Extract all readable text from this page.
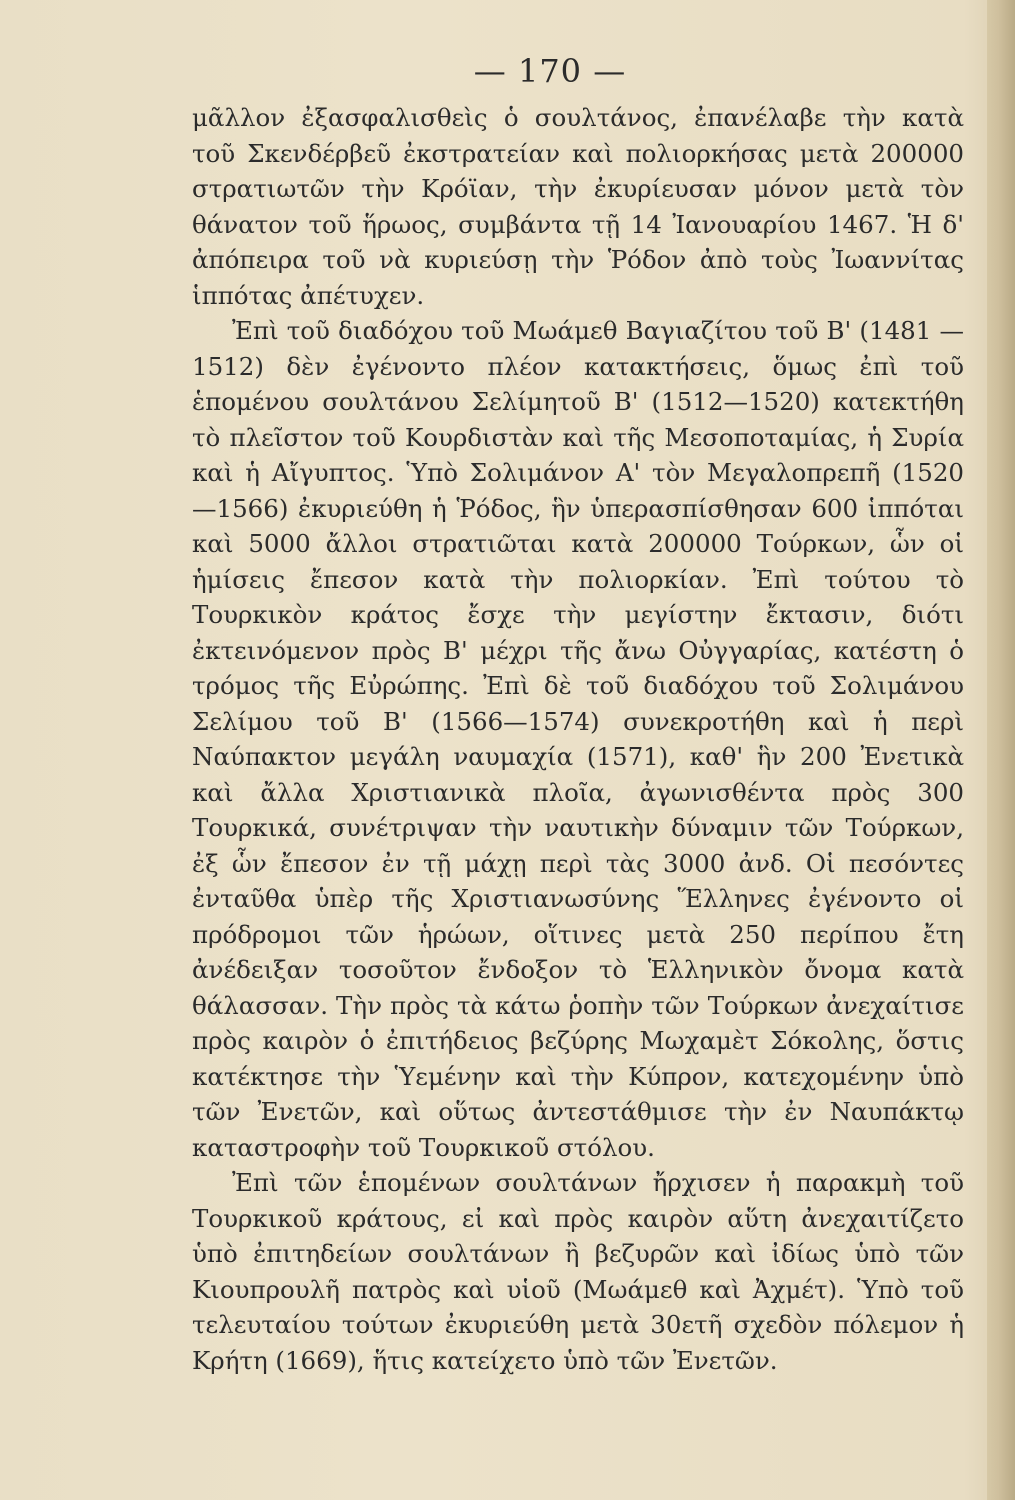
— 170 —

μᾶλλον ἐξασφαλισθεὶς ὁ σουλτάνος, ἐπανέλαβε τὴν κατὰ τοῦ Σκενδέρβεῦ ἐκστρατείαν καὶ πολιορκήσας μετὰ 200000 στρατιωτῶν τὴν Κρόϊαν, τὴν ἐκυρίευσαν μόνον μετὰ τὸν θάνατον τοῦ ἥρωος, συμβάντα τῇ 14 Ἰανουαρίου 1467. Ἡ δ' ἀπόπειρα τοῦ νὰ κυριεύσῃ τὴν Ῥόδον ἀπὸ τοὺς Ἰωαννίτας ἱππότας ἀπέτυχεν.

Ἐπὶ τοῦ διαδόχου τοῦ Μωάμεθ Βαγιαζίτου τοῦ Β' (1481 —1512) δὲν ἐγένοντο πλέον κατακτήσεις, ὅμως ἐπὶ τοῦ ἑπομένου σουλτάνου Σελίμητοῦ Β' (1512—1520) κατεκτήθη τὸ πλεῖστον τοῦ Κουρδιστὰν καὶ τῆς Μεσοποταμίας, ἡ Συρία καὶ ἡ Αἴγυπτος. Ὑπὸ Σολιμάνον Α' τὸν Μεγαλοπρεπῆ (1520 —1566) ἐκυριεύθη ἡ Ῥόδος, ἣν ὑπερασπίσθησαν 600 ἱππόται καὶ 5000 ἄλλοι στρατιῶται κατὰ 200000 Τούρκων, ὧν οἱ ἡμίσεις ἔπεσον κατὰ τὴν πολιορκίαν. Ἐπὶ τούτου τὸ Τουρκικὸν κράτος ἔσχε τὴν μεγίστην ἔκτασιν, διότι ἐκτεινόμενον πρὸς Β' μέχρι τῆς ἄνω Οὐγγαρίας, κατέστη ὁ τρόμος τῆς Εὐρώπης. Ἐπὶ δὲ τοῦ διαδόχου τοῦ Σολιμάνου Σελίμου τοῦ Β' (1566—1574) συνεκροτήθη καὶ ἡ περὶ Ναύπακτον μεγάλη ναυμαχία (1571), καθ' ἣν 200 Ἐνετικὰ καὶ ἄλλα Χριστιανικὰ πλοῖα, ἀγωνισθέντα πρὸς 300 Τουρκικά, συνέτριψαν τὴν ναυτικὴν δύναμιν τῶν Τούρκων, ἐξ ὧν ἔπεσον ἐν τῇ μάχῃ περὶ τὰς 3000 ἀνδ. Οἱ πεσόντες ἐνταῦθα ὑπὲρ τῆς Χριστιανωσύνης Ἕλληνες ἐγένοντο οἱ πρόδρομοι τῶν ἡρώων, οἵτινες μετὰ 250 περίπου ἔτη ἀνέδειξαν τοσοῦτον ἔνδοξον τὸ Ἑλληνικὸν ὄνομα κατὰ θάλασσαν. Τὴν πρὸς τὰ κάτω ῥοπὴν τῶν Τούρκων ἀνεχαίτισε πρὸς καιρὸν ὁ ἐπιτήδειος βεζύρης Μωχαμὲτ Σόκολης, ὅστις κατέκτησε τὴν Ὑεμένην καὶ τὴν Κύπρον, κατεχομένην ὑπὸ τῶν Ἐνετῶν, καὶ οὕτως ἀντεστάθμισε τὴν ἐν Ναυπάκτῳ καταστροφὴν τοῦ Τουρκικοῦ στόλου.

Ἐπὶ τῶν ἑπομένων σουλτάνων ἤρχισεν ἡ παρακμὴ τοῦ Τουρκικοῦ κράτους, εἰ καὶ πρὸς καιρὸν αὕτη ἀνεχαιτίζετο ὑπὸ ἐπιτηδείων σουλτάνων ἢ βεζυρῶν καὶ ἰδίως ὑπὸ τῶν Κιουπρουλῆ πατρὸς καὶ υἱοῦ (Μωάμεθ καὶ Ἀχμέτ). Ὑπὸ τοῦ τελευταίου τούτων ἐκυριεύθη μετὰ 30ετῆ σχεδὸν πόλεμον ἡ Κρήτη (1669), ἥτις κατείχετο ὑπὸ τῶν Ἐνετῶν.
